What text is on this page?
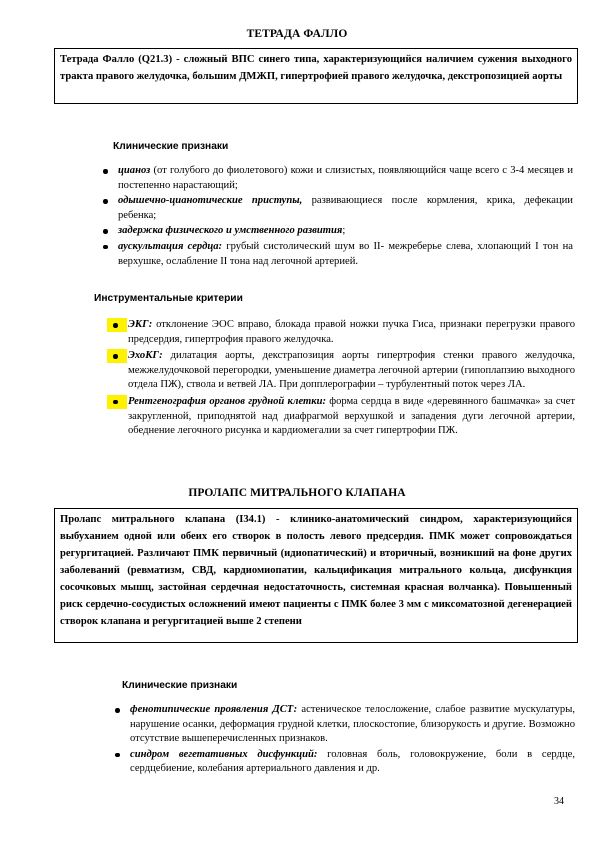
ТЕТРАДА ФАЛЛО
Тетрада Фалло (Q21.3) - сложный ВПС синего типа, характеризующийся наличием сужения выходного тракта правого желудочка, большим ДМЖП, гипертрофией правого желудочка, декстропозицией аорты
Клинические признаки
цианоз (от голубого до фиолетового) кожи и слизистых, появляющийся чаще всего с 3-4 месяцев и постепенно нарастающий;
одышечно-цианотические приступы, развивающиеся после кормления, крика, дефекации ребенка;
задержка физического и умственного развития;
аускультация сердца: грубый систолический шум во II- межреберье слева, хлопающий I тон на верхушке, ослабление II тона над легочной артерией.
Инструментальные критерии
ЭКГ: отклонение ЭОС вправо, блокада правой ножки пучка Гиса, признаки перегрузки правого предсердия, гипертрофия правого желудочка.
ЭхоКГ: дилатация аорты, декстрапозиция аорты гипертрофия стенки правого желудочка, межжелудочковой перегородки, уменьшение диаметра легочной артерии (гипоплапзию выходного отдела ПЖ), ствола и ветвей ЛА. При допплерографии – турбулентный поток через ЛА.
Рентгенография органов грудной клетки: форма сердца в виде «деревянного башмачка» за счет закругленной, приподнятой над диафрагмой верхушкой и западения дуги легочной артерии, обеднение легочного рисунка и кардиомегалии за счет гипертрофии ПЖ.
ПРОЛАПС МИТРАЛЬНОГО КЛАПАНА
Пролапс митрального клапана (I34.1) - клинико-анатомический синдром, характеризующийся выбуханием одной или обеих его створок в полость левого предсердия. ПМК может сопровождаться регургитацией. Различают ПМК первичный (идиопатический) и вторичный, возникший на фоне других заболеваний (ревматизм, СВД, кардиомиопатии, кальцификация митрального кольца, дисфункция сосочковых мышц, застойная сердечная недостаточность, системная красная волчанка). Повышенный риск сердечно-сосудистых осложнений имеют пациенты с ПМК более 3 мм с миксоматозной дегенерацией створок клапана и регургитацией выше 2 степени
Клинические признаки
фенотипические проявления ДСТ: астеническое телосложение, слабое развитие мускулатуры, нарушение осанки, деформация грудной клетки, плоскостопие, близорукость и другие. Возможно отсутствие вышеперечисленных признаков.
синдром вегетативных дисфункций: головная боль, головокружение, боли в сердце, сердцебиение, колебания артериального давления и др.
34
